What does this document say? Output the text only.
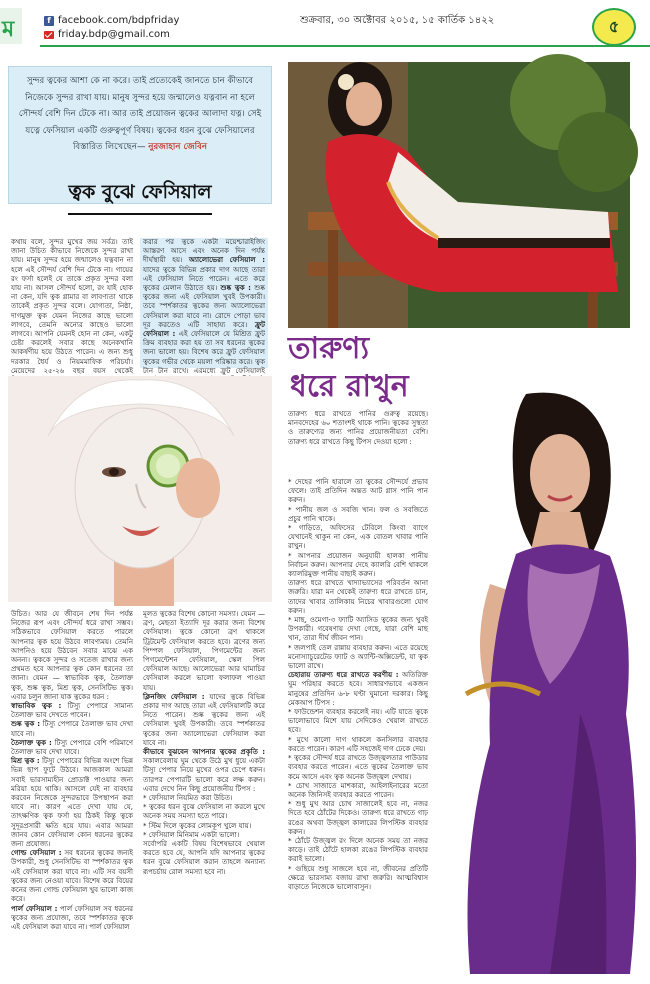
ম	f facebook.com/bdpfriday
friday.bdp@gmail.com
শুক্রবার, ৩০ অক্টোবর ২০১৫, ১৫ কার্তিক ১৪২২	৫
সুন্দর ত্বকের আশা কে না করে। তাই প্রত্যেকেই জানতে চান কীভাবে নিজেকে সুন্দর রাখা যায়। মানুষ সুন্দর হয়ে জন্মালেও যত্নবান না হলে সৌন্দর্য বেশি দিন টেকে না। আর তাই প্রয়োজন ত্বকের আলাদা যত্ন। সেই যত্নে ফেসিয়াল একটি গুরুত্বপূর্ণ বিষয়। ত্বকের ধরন বুঝে ফেসিয়ালের বিস্তারিত লিখেছেন— নুরজাহান জেবিন
ত্বক বুঝে ফেসিয়াল
কথায় বলে, সুন্দর মুখের জয় সর্বত্র। তাই জানা উচিত কীভাবে নিজেকে সুন্দর রাখা যায়। মানুষ সুন্দর হয়ে জন্মালেও যত্নবান না হলে এই সৌন্দর্য বেশি দিন টেকে না। গায়ের রং ফর্সা হলেই যে তাকে প্রকৃত সুন্দর বলা যায় না। আসল সৌন্দর্য হলো, রং যাই হোক না কেন, যদি ত্বক গ্লামার বা লাবণ্যতা থাকে তাকেই প্রকৃত সুন্দর বলে। যোগ্যতা, নিষ্ঠা, দাগমুক্ত ত্বক যেমন নিজের কাছে ভালো লাগবে, তেমনি অন্যের কাছেও ভালো লাগবে। আপনি যেমনই হোন না কেন, একটু চেষ্টা করলেই সবার কাছে অনেকখানি আকর্ষণীয় হয়ে উঠতে পারেন। এ জন্য শুধু দরকার ধৈর্য ও নিয়মমাফিক পরিচর্যা। মেয়েদের ২৫-২৬ বছর বয়স থেকেই
করার পর ত্বকে একটা ময়েশ্চারাইজিং আস্তরণ আসে এবং অনেক দিন পর্যন্ত দীর্ঘস্থায়ী হয়। অ্যালোভেরা ফেসিয়াল : যাদের ত্বকে বিভিন্ন প্রকার দাগ আছে তারা এই ফেসিয়াল নিতে পারেন। এতে করে ত্বকের মেলান উঠাতে হয়। শুষ্ক ত্বক : শুষ্ক ত্বকের জন্য এই ফেসিয়াল খুবই উপকারী। তবে স্পর্শকাতর ত্বকের জন্য অ্যালোভেরা ফেসিয়াল করা যাবে না। রোদে পোড়া ভাব দূর করতেও এটি সাহায্য করে। ফ্রুট ফেসিয়াল : এই ফেসিয়ালে যে মিশ্রিত ফ্রুট ক্রিম ব্যবহার করা হয় তা সব ধরনের ত্বকের জন্য ভালো হয়। বিশেষ করে ফ্রুট ফেসিয়াল ত্বকের গভীর থেকে ময়লা পরিষ্কার করে। ত্বক টান টান রাখে। এরমধ্যে ফ্রুট ফেসিয়ালই
উচিত। আর যে জীবনে শেষ দিন পর্যন্ত নিজের রূপ এবং সৌন্দর্য ধরে রাখা সম্ভব। সঠিকভাবে ফেসিয়াল করতে পারলে আপনার ত্বক হয়ে উঠবে লাবণ্যময়। তেমনি আপনিও হয়ে উঠবেন সবার মাঝে এক অনন্য। ত্বককে সুন্দর ও সতেজ রাখার জন্য প্রথমত হবে আপনার ত্বক কোন ধরনের তা জানা। যেমন — স্বাভাবিক ত্বক, তৈলাক্ত ত্বক, শুষ্ক ত্বক, মিশ্র ত্বক, সেনসিটিভ ত্বক। এবার চলুন জানা যাক ত্বকের ধরন :
স্বাভাবিক ত্বক : টিস্যু পেপারে সামান্য তৈলাক্ত ভাব দেখতে পাবেন।
শুষ্ক ত্বক : টিস্যু পেপারে তৈলাক্ত ভাব দেখা যাবে না।
তৈলাক্ত ত্বক : টিস্যু পেপারে বেশি পরিমাণে তৈলাক্ত ভাব দেখা যাবে।
মিশ্র ত্বক : টিস্যু পেপারের বিভিন্ন অংশে ভিন্ন ভিন্ন ছাপ ফুটে উঠবে। আজকাল আমরা সবাই ভারসাম্যহীন প্রোডাক্ট পাওয়ার জন্য মরিয়া হয়ে থাকি। আসলে যেই না ব্যবহার করবেন নিজেকে সুন্দরভাবে উপস্থাপন করা যাবে না। কারণ এতে দেখা যায় যে, তাৎক্ষণিক ত্বক ফর্সা হয় ঠিকই কিন্তু ত্বকে সুদূরপ্রসারী ক্ষতি হয়ে যায়। এবার আমরা জানব কোন ফেসিয়াল কোন ধরনের ত্বকের জন্য প্রযোজ্য।
গোল্ড ফেসিয়াল : সব ধরনের ত্বকের জন্যই উপকারী, শুধু সেনসিটিভ বা স্পর্শকাতর ত্বক এই ফেসিয়াল করা যাবে না। এটি সব বয়সী ত্বকের জন্য নেওয়া যাবে। বিশেষ করে বিয়ের কনের জন্য গোল্ড ফেসিয়াল খুব ভালো কাজ করে।
পার্ল ফেসিয়াল : পার্ল ফেসিয়াল সব ধরনের ত্বকের জন্য প্রযোজ্য, তবে স্পর্শকাতর ত্বকে এই ফেসিয়াল করা যাবে না। পার্ল ফেসিয়াল
মূলত ত্বকের বিশেষ কোনো সমস্যা। যেমন — ব্রণ, মেছতা ইত্যাদি দূর করার জন্য বিশেষ ফেসিয়াল। ত্বকে কোনো ব্রণ থাকলে ট্রিটমেন্ট ফেসিয়াল করতে হবে। ব্রণের জন্য পিম্পল ফেসিয়াল, পিগমেন্টের জন্য পিগমেন্টেশন ফেসিয়াল, স্কেল পিল ফেসিয়াল আছে। আলোভেরা আর ঘামাচির ফেসিয়াল করলে ভালো ফলাফল পাওয়া যায়।
ক্লিনজিং ফেসিয়াল : যাদের ত্বকে বিভিন্ন প্রকার দাগ আছে তারা এই ফেসিয়ালটি করে নিতে পারেন। শুষ্ক ত্বকের জন্য এই ফেসিয়াল খুবই উপকারী। তবে স্পর্শকাতর ত্বকের জন্য অ্যালোভেরা ফেসিয়াল করা যাবে না।
কীভাবে বুঝবেন আপনার ত্বকের প্রকৃতি : সকালবেলায় ঘুম থেকে উঠে মুখ ধুয়ে একটা টিস্যু পেপার নিয়ে মুখের ওপর চেপে ধরুন। তারপর পেপারটি ভালো করে লক্ষ করুন। এবার দেখে নিন কিছু প্রয়োজনীয় টিপস :
* ফেসিয়াল নিয়মিত করা উচিত।
* ত্বকের ধরন বুঝে ফেসিয়াল না করলে মুখে অনেক সময় সমস্যা হতে পারে।
* স্টিম দিলে ত্বকের লোমকূপ খুলে যায়।
* ফেসিয়াল মিনিমাম একটা ভালো।
সর্বোপরি একটি বিষয় বিশেষভাবে খেয়াল করতে হবে যে, আপনি যদি আপনার ত্বকের ধরন বুঝে ফেসিয়াল করান তাহলে অন্যান্য রূপচর্চায় রোল সমস্যা হবে না।
তারুণ্য
ধরে রাখুন
তারুণ্য ধরে রাখতে পানির গুরুত্ব রয়েছে। মানবদেহের ৬০ শতাংশই থাকে পানি। ত্বকের সুস্থতা ও তারুণ্যের জন্য পানির প্রয়োজনীয়তা বেশি। তারুণ্য ধরে রাখতে কিছু টিপস দেওয়া হলো :
* দেহের পানি হারালে তা ত্বকের সৌন্দর্যে প্রভাব ফেলে। তাই প্রতিদিন অন্তত আট গ্লাস পানি পান করুন।
* পানীয় জল ও সবজি খান। ফল ও সবজিতে প্রচুর পানি থাকে।
* গাড়িতে, অফিসের টেবিলে কিংবা ব্যাগে যেখানেই থাকুন না কেন, এক বোতল খাবার পানি রাখুন।
* আপনার প্রয়োজন অনুযায়ী হালকা পানীয় নির্বাচন করুন। আপনার দেহে ক্যালরি বেশি থাকলে ক্যালরিমুক্ত পানীয় বাছাই করুন।
তারুণ্য ধরে রাখতে খাদ্যাভ্যাসের পরিবর্তন আনা জরুরি। যারা মন থেকেই তারুণ্য ধরে রাখতে চান, তাদের খাবার তালিকায় নিচের খাবারগুলো যোগ করুন।
* মাছ, ওমেগা-৩ ফ্যাটি অ্যাসিড ত্বকের জন্য খুবই উপকারী। গবেষণায় দেখা গেছে, যারা বেশি মাছ খান, তারা দীর্ঘ জীবন পান।
* জলপাই তেল রান্নায় ব্যবহার করুন। এতে রয়েছে মনোস্যাচুরেটেড ফ্যাট ও অ্যান্টি-অক্সিডেন্ট, যা ত্বক ভালো রাখে।
চেহারায় তারুণ্য ধরে রাখতে করণীয় : অতিরিক্ত ঘুম পরিহার করতে হবে। সাধারণভাবে একজন মানুষের প্রতিদিন ৬-৮ ঘণ্টা ঘুমানো দরকার। কিছু মেকআপ টিপস :
* ফাউন্ডেশন ব্যবহার করলেই নয়। এটি যাতে ত্বকে ভালোভাবে মিশে যায় সেদিকেও খেয়াল রাখতে হবে।
* মুখে কালো দাগ থাকলে কনসিলার ব্যবহার করতে পারেন। কারণ এটি সহজেই দাগ ঢেকে দেয়।
* ত্বকের সৌন্দর্য ধরে রাখতে উজ্জ্বলতার পাউডার ব্যবহার করতে পারেন। এতে ত্বকের তৈলাক্ত ভাব কমে আসে এবং ত্বক অনেক উজ্জ্বল দেখায়।
* চোখ সাজাতে মাশকারা, আইলাইনারের মতো অনেক জিনিসই ব্যবহার করতে পারেন।
* শুধু মুখ আর চোখ সাজালেই হবে না, নজর দিতে হবে ঠোঁটের দিকেও। তারুণ্য ধরে রাখতে গাঢ় রঙের অথবা উজ্জ্বল কালারের লিপস্টিক ব্যবহার করুন।
* ঠোঁটে উজ্জ্বল রং দিলে অনেক সময় তা নজর কাড়ে। তাই ঠোঁটে হালকা রঙের লিপস্টিক ব্যবহার করাই ভালো।
* গুছিয়ে শুধু সাজলে হবে না, জীবনের প্রতিটি ক্ষেত্রে ভারসাম্য বজায় রাখা জরুরি। আত্মবিশ্বাস বাড়াতে নিজেকে ভালোবাসুন।
